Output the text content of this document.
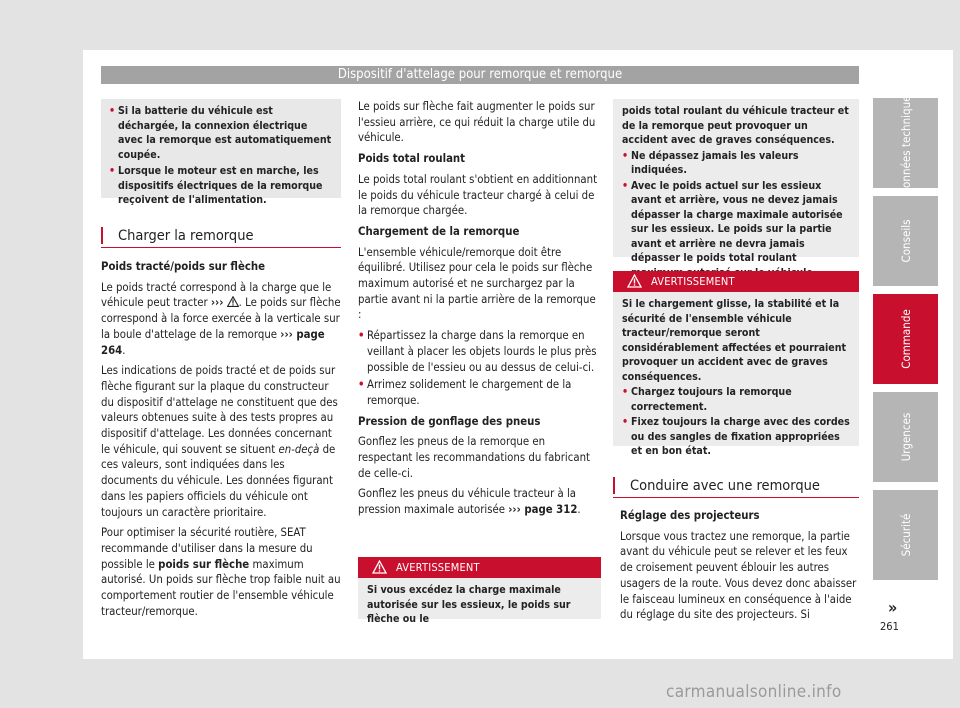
Dispositif d'attelage pour remorque et remorque
• Si la batterie du véhicule est déchargée, la connexion électrique avec la remorque est automatiquement coupée.
• Lorsque le moteur est en marche, les dispositifs électriques de la remorque reçoivent de l'alimentation.
Charger la remorque

Poids tracté/poids sur flèche

Le poids tracté correspond à la charge que le véhicule peut tracter ››› . Le poids sur flèche correspond à la force exercée à la verticale sur la boule d'attelage de la remorque ››› page 264.

Les indications de poids tracté et de poids sur flèche figurant sur la plaque du constructeur du dispositif d'attelage ne constituent que des valeurs obtenues suite à des tests propres au dispositif d'attelage. Les données concernant le véhicule, qui souvent se situent en-deçà de ces valeurs, sont indiquées dans les documents du véhicule. Les données figurant dans les papiers officiels du véhicule ont toujours un caractère prioritaire.

Pour optimiser la sécurité routière, SEAT recommande d'utiliser dans la mesure du possible le poids sur flèche maximum autorisé. Un poids sur flèche trop faible nuit au comportement routier de l'ensemble véhicule tracteur/remorque.

Le poids sur flèche fait augmenter le poids sur l'essieu arrière, ce qui réduit la charge utile du véhicule.

Poids total roulant

Le poids total roulant s'obtient en additionnant le poids du véhicule tracteur chargé à celui de la remorque chargée.

Chargement de la remorque

L'ensemble véhicule/remorque doit être équilibré. Utilisez pour cela le poids sur flèche maximum autorisé et ne surchargez par la partie avant ni la partie arrière de la remorque :

• Répartissez la charge dans la remorque en veillant à placer les objets lourds le plus près possible de l'essieu ou au dessus de celui-ci.

• Arrimez solidement le chargement de la remorque.

Pression de gonflage des pneus

Gonflez les pneus de la remorque en respectant les recommandations du fabricant de celle-ci.

Gonflez les pneus du véhicule tracteur à la pression maximale autorisée ››› page 312.

AVERTISSEMENT
Si vous excédez la charge maximale autorisée sur les essieux, le poids sur flèche ou le
poids total roulant du véhicule tracteur et de la remorque peut provoquer un accident avec de graves conséquences.
• Ne dépassez jamais les valeurs indiquées.
• Avec le poids actuel sur les essieux avant et arrière, vous ne devez jamais dépasser la charge maximale autorisée sur les essieux. Le poids sur la partie avant et arrière ne devra jamais dépasser le poids total roulant
AVERTISSEMENT
Si le chargement glisse, la stabilité et la sécurité de l'ensemble véhicule tracteur/remorque seront considérablement affectées et pourraient provoquer un accident avec de graves conséquences.
• Chargez toujours la remorque correctement.
• Fixez toujours la charge avec des cordes ou des sangles de fixation appropriées et en bon état.
Conduire avec une remorque

Réglage des projecteurs

Lorsque vous tractez une remorque, la partie avant du véhicule peut se relever et les feux de croisement peuvent éblouir les autres usagers de la route. Vous devez donc abaisser le faisceau lumineux en conséquence à l'aide du réglage du site des projecteurs. Si

Données techniques
Conseils
Commande
Urgences
Sécurité
»
261
carmanualsonline.info
